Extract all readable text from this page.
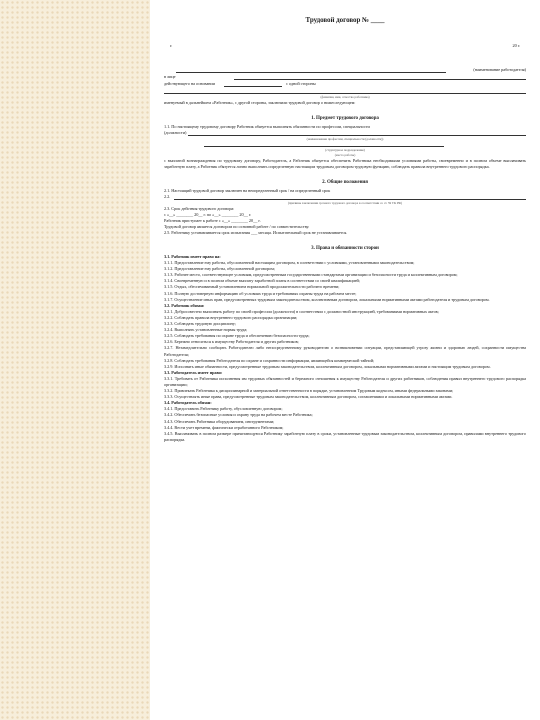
Трудовой договор № ____
г.	20 г.
(наименование работодателя)
в лице
действующего на основании	с одной стороны
(фамилия, имя, отчество работника)
именуемый в дальнейшем «Работник», с другой стороны, заключили трудовой договор о нижеследующем:
1. Предмет трудового договора
1.1. По настоящему трудовому договору Работник обязуется выполнять обязанности по профессии, специальности
(должности)
(наименование профессии, специальности (должности))
(структурное подразделение)
(место работы)
с выплатой вознаграждения по трудовому договору, Работодатель, а Работник обязуется обеспечить Работника необходимыми условиями работы, своевременно и в полном объеме выплачивать заработную плату, а Работник обязуется лично выполнять определенную настоящим трудовым договором трудовую функцию, соблюдать правила внутреннего трудового распорядка.
2. Общие положения
2.1. Настоящий трудовой договор заключен на неопределенный срок / на определенный срок
2.2.
(причины заключения срочного трудового договора в соответствии со ст. 59 ТК РФ)
2.3. Срок действия трудового договора:
с «__» ________ 20__ г. по «__» ________ 20__ г.
Работник приступает к работе с «__» ________ 20__ г.
Трудовой договор является договором по основной работе / по совместительству.
2.5. Работнику устанавливается срок испытания ___ месяца. Испытательный срок не устанавливается.
3. Права и обязанности сторон
3.1. Работник имеет право на:
3.1.1. Предоставление ему работы, обусловленной настоящим договором, в соответствии с условиями, установленными законодательством;
3.1.2. Предоставление ему работы, обусловленной договором;
3.1.3. Рабочее место, соответствующее условиям, предусмотренным государственными стандартами организации и безопасности труда и коллективным договором;
3.1.4. Своевременную и в полном объеме выплату заработной платы в соответствии со своей квалификацией;
3.1.5. Отдых, обеспечиваемый установлением нормальной продолжительности рабочего времени;
3.1.6. Полную достоверную информацию об условиях труда и требованиях охраны труда на рабочем месте;
3.1.7. Осуществление иных прав, предусмотренных трудовым законодательством, коллективным договором, локальными нормативными актами работодателя и трудовым договором.
3.2. Работник обязан:
3.2.1. Добросовестно выполнять работу по своей профессии (должности) в соответствии с должностной инструкцией, требованиями нормативных актов;
3.2.2. Соблюдать правила внутреннего трудового распорядка организации;
3.2.3. Соблюдать трудовую дисциплину;
3.2.4. Выполнять установленные нормы труда;
3.2.5. Соблюдать требования по охране труда и обеспечению безопасности труда;
3.2.6. Бережно относиться к имуществу Работодателя и других работников;
3.2.7. Незамедлительно сообщить Работодателю либо непосредственному руководителю о возникновении ситуации, представляющей угрозу жизни и здоровью людей, сохранности имущества Работодателя;
3.2.8. Соблюдать требования Работодателя по охране и сохранности информации, являющейся коммерческой тайной;
3.2.9. Исполнять иные обязанности, предусмотренные трудовым законодательством, коллективным договором, локальными нормативными актами и настоящим трудовым договором.
3.3. Работодатель имеет право:
3.3.1. Требовать от Работника исполнения им трудовых обязанностей и бережного отношения к имуществу Работодателя и других работников, соблюдения правил внутреннего трудового распорядка организации;
3.3.2. Привлекать Работника к дисциплинарной и материальной ответственности в порядке, установленном Трудовым кодексом, иными федеральными законами;
3.3.3. Осуществлять иные права, предусмотренные трудовым законодательством, коллективным договором, соглашениями и локальными нормативными актами.
3.4. Работодатель обязан:
3.4.1. Предоставить Работнику работу, обусловленную договором;
3.4.2. Обеспечить безопасные условия и охрану труда на рабочем месте Работника;
3.4.3. Обеспечить Работника оборудованием, инструментами;
3.4.4. Вести учет времени, фактически отработанного Работником;
3.4.5. Выплачивать в полном размере причитающуюся Работнику заработную плату в сроки, установленные трудовым законодательством, коллективным договором, правилами внутреннего трудового распорядка.
